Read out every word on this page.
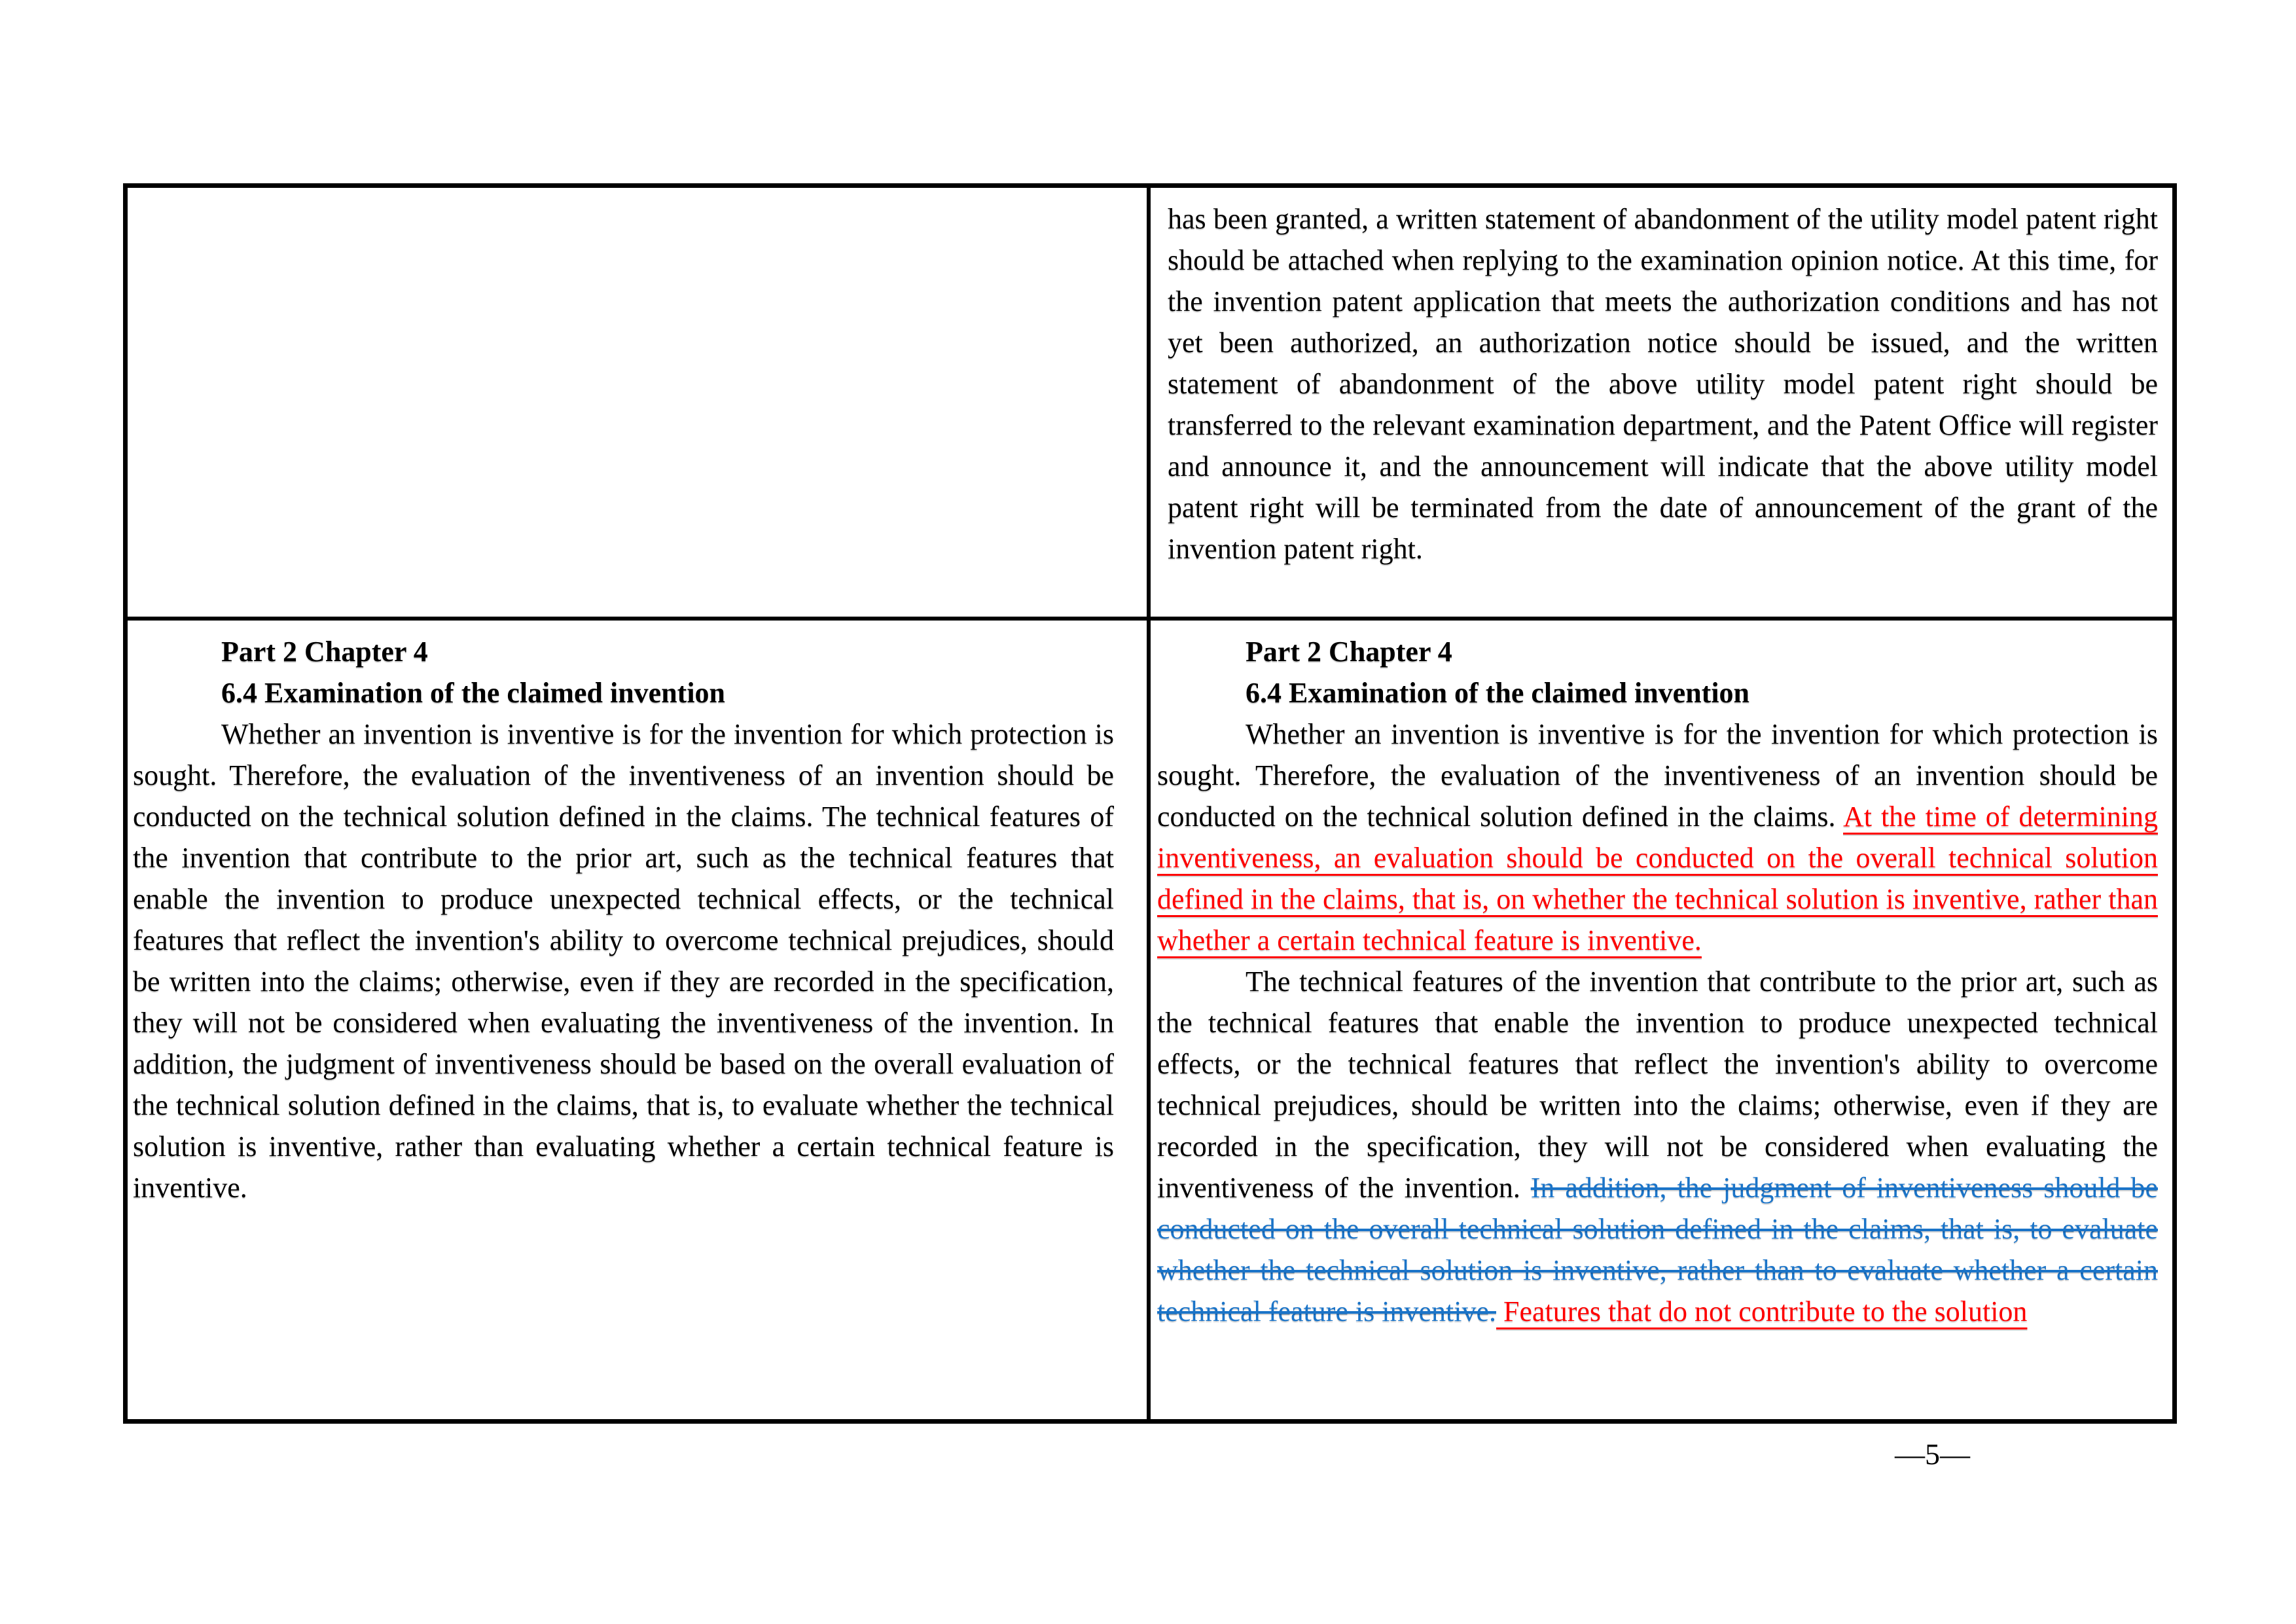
has been granted, a written statement of abandonment of the utility model patent right should be attached when replying to the examination opinion notice. At this time, for the invention patent application that meets the authorization conditions and has not yet been authorized, an authorization notice should be issued, and the written statement of abandonment of the above utility model patent right should be transferred to the relevant examination department, and the Patent Office will register and announce it, and the announcement will indicate that the above utility model patent right will be terminated from the date of announcement of the grant of the invention patent right.

Part 2 Chapter 4

6.4 Examination of the claimed invention

Whether an invention is inventive is for the invention for which protection is sought. Therefore, the evaluation of the inventiveness of an invention should be conducted on the technical solution defined in the claims. The technical features of the invention that contribute to the prior art, such as the technical features that enable the invention to produce unexpected technical effects, or the technical features that reflect the invention's ability to overcome technical prejudices, should be written into the claims; otherwise, even if they are recorded in the specification, they will not be considered when evaluating the inventiveness of the invention. In addition, the judgment of inventiveness should be based on the overall evaluation of the technical solution defined in the claims, that is, to evaluate whether the technical solution is inventive, rather than evaluating whether a certain technical feature is inventive.

Part 2 Chapter 4

6.4 Examination of the claimed invention

Whether an invention is inventive is for the invention for which protection is sought. Therefore, the evaluation of the inventiveness of an invention should be conducted on the technical solution defined in the claims. At the time of determining inventiveness, an evaluation should be conducted on the overall technical solution defined in the claims, that is, on whether the technical solution is inventive, rather than whether a certain technical feature is inventive.

The technical features of the invention that contribute to the prior art, such as the technical features that enable the invention to produce unexpected technical effects, or the technical features that reflect the invention's ability to overcome technical prejudices, should be written into the claims; otherwise, even if they are recorded in the specification, they will not be considered when evaluating the inventiveness of the invention. In addition, the judgment of inventiveness should be conducted on the overall technical solution defined in the claims, that is, to evaluate whether the technical solution is inventive, rather than to evaluate whether a certain technical feature is inventive. Features that do not contribute to the solution

—5—
